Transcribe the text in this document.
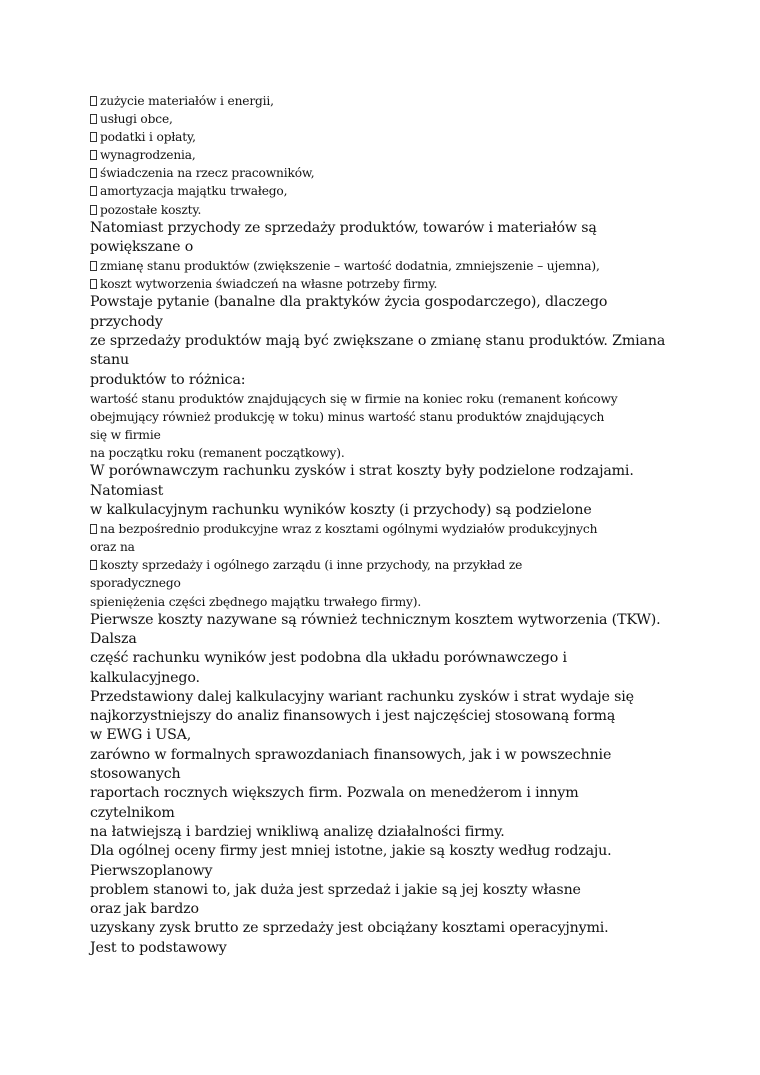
zużycie materiałów i energii,
usługi obce,
podatki i opłaty,
wynagrodzenia,
świadczenia na rzecz pracowników,
amortyzacja majątku trwałego,
pozostałe koszty.
Natomiast przychody ze sprzedaży produktów, towarów i materiałów są
powiększane o
zmianę stanu produktów (zwiększenie – wartość dodatnia, zmniejszenie – ujemna),
koszt wytworzenia świadczeń na własne potrzeby firmy.
Powstaje pytanie (banalne dla praktyków życia gospodarczego), dlaczego
przychody
ze sprzedaży produktów mają być zwiększane o zmianę stanu produktów. Zmiana
stanu
produktów to różnica:
wartość stanu produktów znajdujących się w firmie na koniec roku (remanent końcowy
obejmujący również produkcję w toku) minus wartość stanu produktów znajdujących
się w firmie
na początku roku (remanent początkowy).
W porównawczym rachunku zysków i strat koszty były podzielone rodzajami.
Natomiast
w kalkulacyjnym rachunku wyników koszty (i przychody) są podzielone
na bezpośrednio produkcyjne wraz z kosztami ogólnymi wydziałów produkcyjnych
oraz na
koszty sprzedaży i ogólnego zarządu (i inne przychody, na przykład ze
sporadycznego
spieniężenia części zbędnego majątku trwałego firmy).
Pierwsze koszty nazywane są również technicznym kosztem wytworzenia (TKW).
Dalsza
część rachunku wyników jest podobna dla układu porównawczego i
kalkulacyjnego.
Przedstawiony dalej kalkulacyjny wariant rachunku zysków i strat wydaje się
najkorzystniejszy do analiz finansowych i jest najczęściej stosowaną formą
w EWG i USA,
zarówno w formalnych sprawozdaniach finansowych, jak i w powszechnie
stosowanych
raportach rocznych większych firm. Pozwala on menedżerom i innym
czytelnikom
na łatwiejszą i bardziej wnikliwą analizę działalności firmy.
Dla ogólnej oceny firmy jest mniej istotne, jakie są koszty według rodzaju.
Pierwszoplanowy
problem stanowi to, jak duża jest sprzedaż i jakie są jej koszty własne
oraz jak bardzo
uzyskany zysk brutto ze sprzedaży jest obciążany kosztami operacyjnymi.
Jest to podstawowy
